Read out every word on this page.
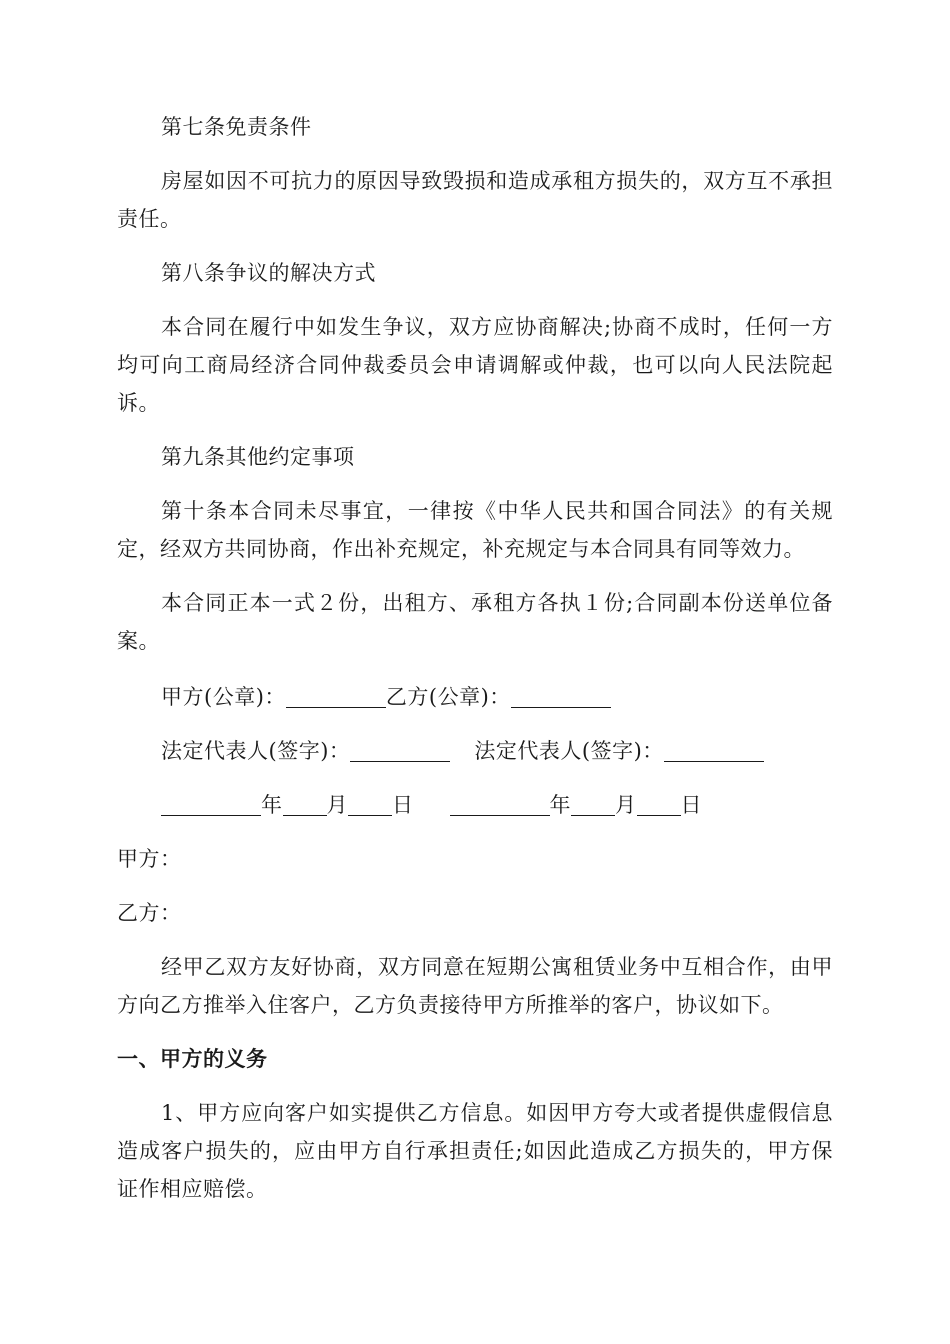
第七条免责条件

房屋如因不可抗力的原因导致毁损和造成承租方损失的，双方互不承担责任。

第八条争议的解决方式

本合同在履行中如发生争议，双方应协商解决;协商不成时，任何一方均可向工商局经济合同仲裁委员会申请调解或仲裁，也可以向人民法院起诉。

第九条其他约定事项

第十条本合同未尽事宜，一律按《中华人民共和国合同法》的有关规定，经双方共同协商，作出补充规定，补充规定与本合同具有同等效力。

本合同正本一式２份，出租方、承租方各执１份;合同副本份送单位备案。

甲方(公章)：	乙方(公章)：
法定代表人(签字)：	法定代表人(签字)：
年 月 日	年 月 日

甲方：

乙方：

经甲乙双方友好协商，双方同意在短期公寓租赁业务中互相合作，由甲方向乙方推举入住客户，乙方负责接待甲方所推举的客户，协议如下。

一、甲方的义务

1、甲方应向客户如实提供乙方信息。如因甲方夸大或者提供虚假信息造成客户损失的，应由甲方自行承担责任;如因此造成乙方损失的，甲方保证作相应赔偿。
